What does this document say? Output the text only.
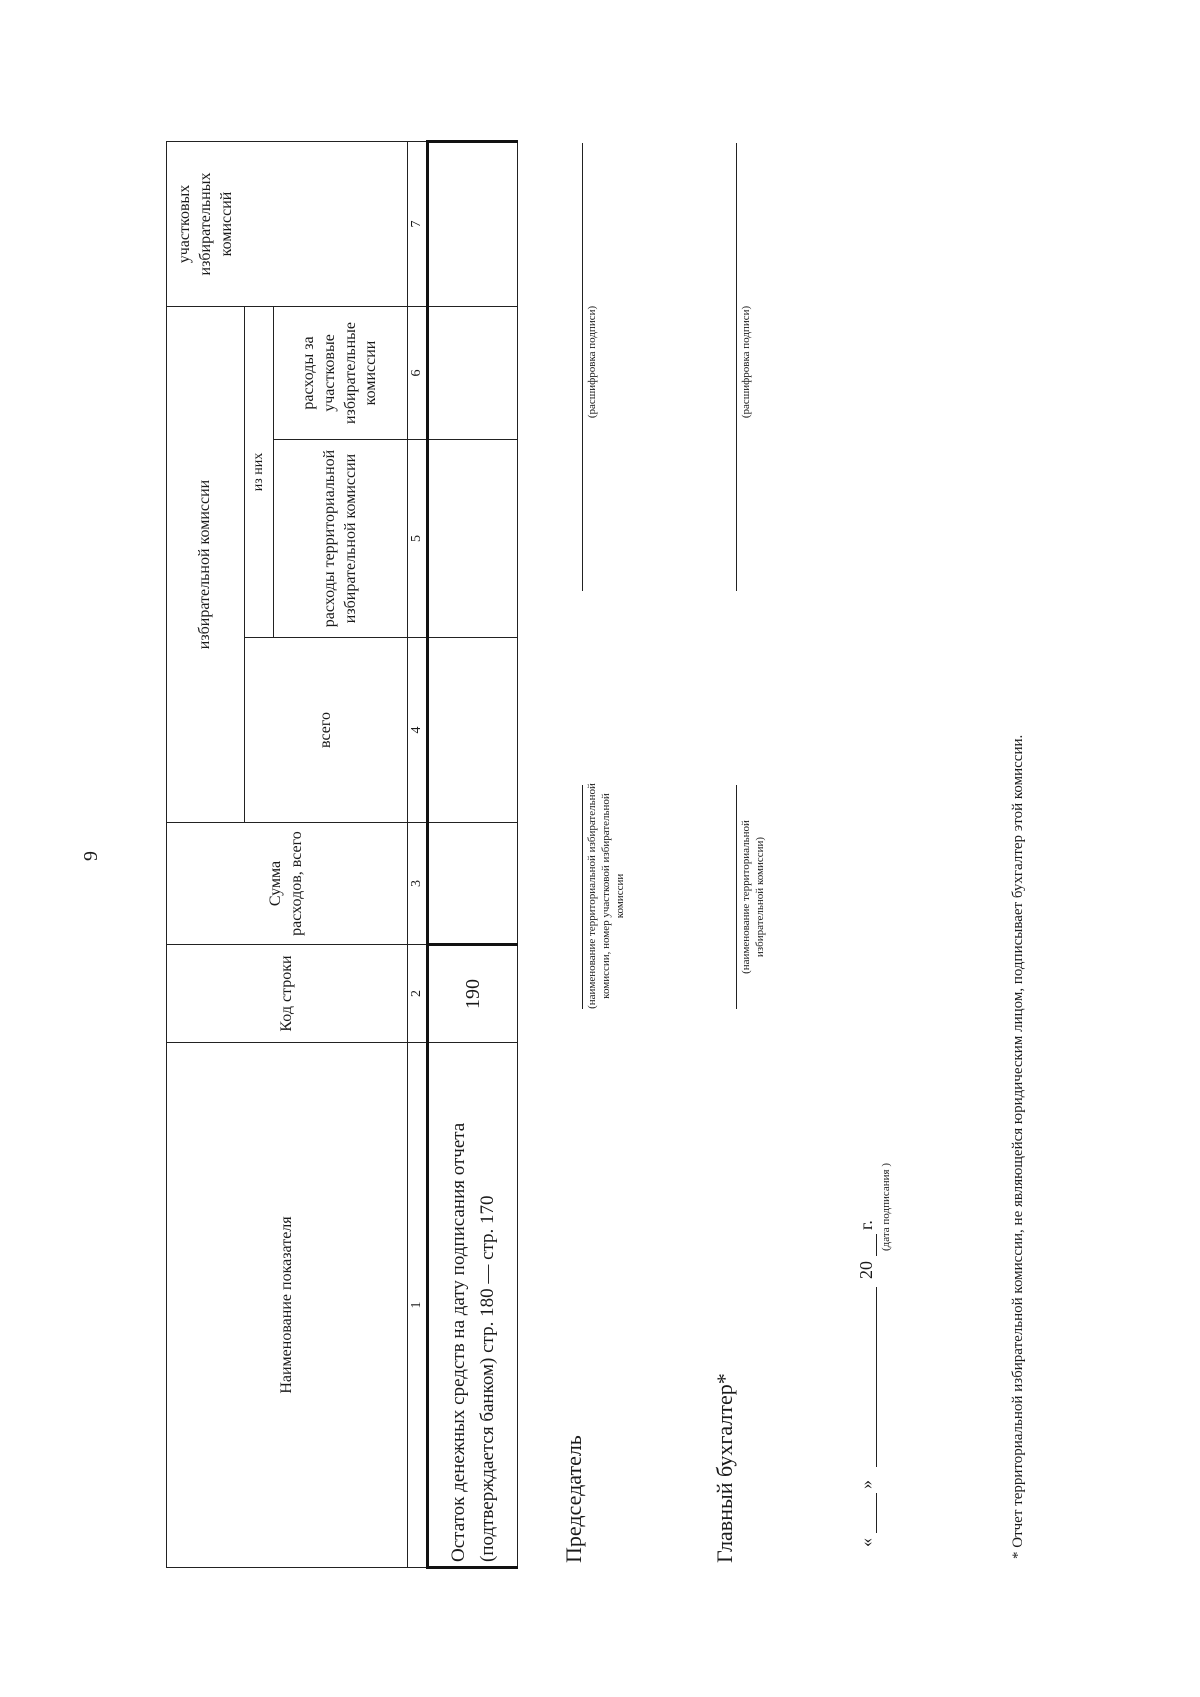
9
Наименование показателя	Код строки	Сумма расходов, всего	избирательной комиссии			участковых избирательных комиссий
			всего	из них		
				расходы территориальной избирательной комиссии	расходы за участковые избирательные комиссии	
1	2	3	4	5	6	7
Остаток денежных средств на дату подписания отчета (подтверждается банком) стр. 180 — стр. 170	190					
Председатель
(наименование территориальной избирательной комиссии, номер участковой избирательной комиссии
(расшифровка подписи)
Главный бухгалтер*
(наименование территориальной избирательной комиссии)
(расшифровка подписи)
«  »  20  г. (дата подписания )	* Отчет территориальной избирательной комиссии, не являющейся юридическим лицом, подписывает бухгалтер этой комиссии.
